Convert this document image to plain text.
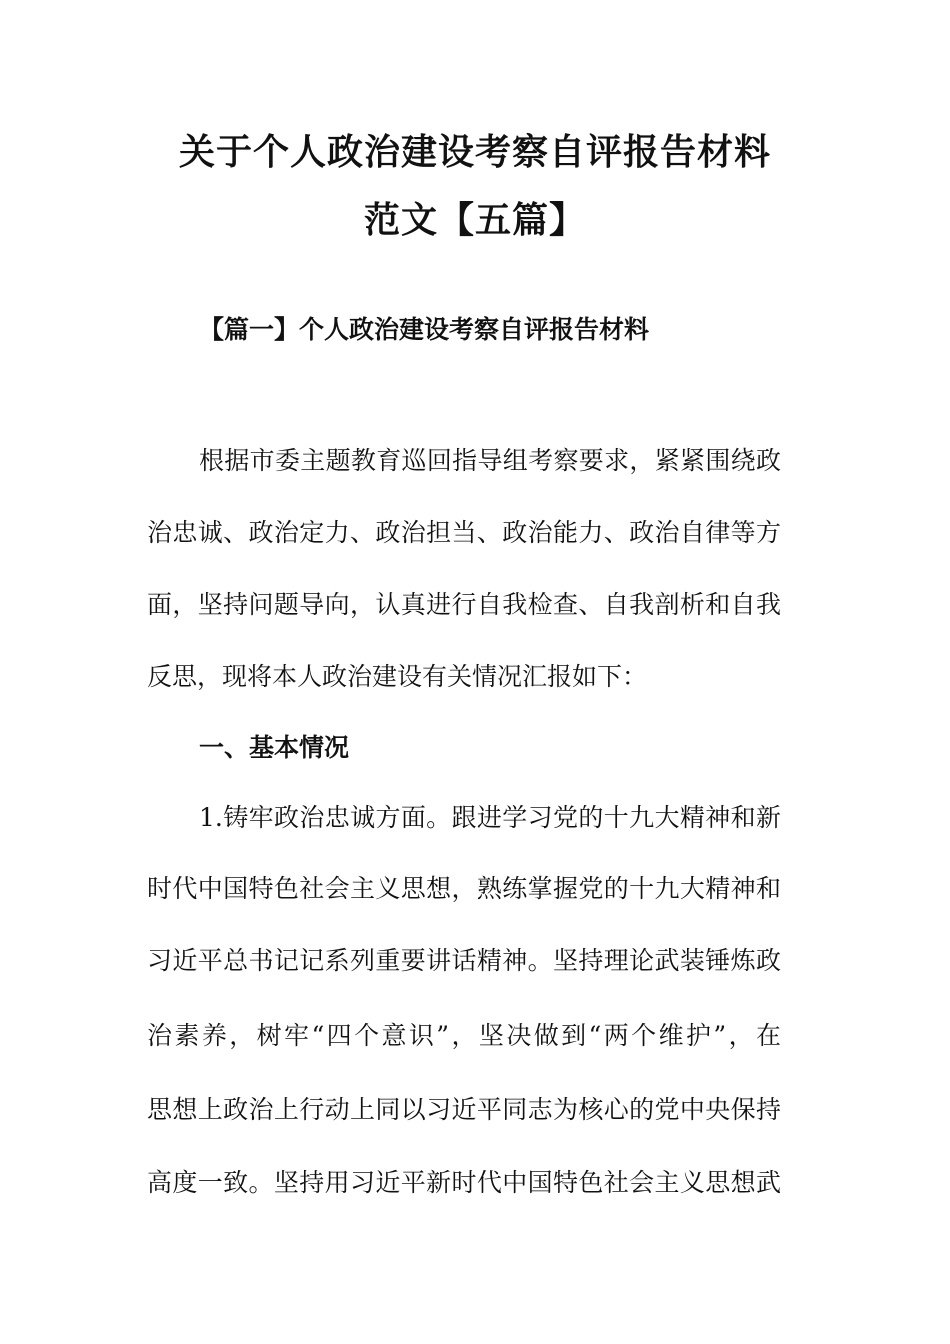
关于个人政治建设考察自评报告材料
范文【五篇】
【篇一】个人政治建设考察自评报告材料
根据市委主题教育巡回指导组考察要求，紧紧围绕政
治忠诚、政治定力、政治担当、政治能力、政治自律等方
面，坚持问题导向，认真进行自我检查、自我剖析和自我
反思，现将本人政治建设有关情况汇报如下：
一、基本情况
1.铸牢政治忠诚方面。跟进学习党的十九大精神和新
时代中国特色社会主义思想，熟练掌握党的十九大精神和
习近平总书记记系列重要讲话精神。坚持理论武装锤炼政
治素养，树牢“四个意识”，坚决做到“两个维护”，在
思想上政治上行动上同以习近平同志为核心的党中央保持
高度一致。坚持用习近平新时代中国特色社会主义思想武
